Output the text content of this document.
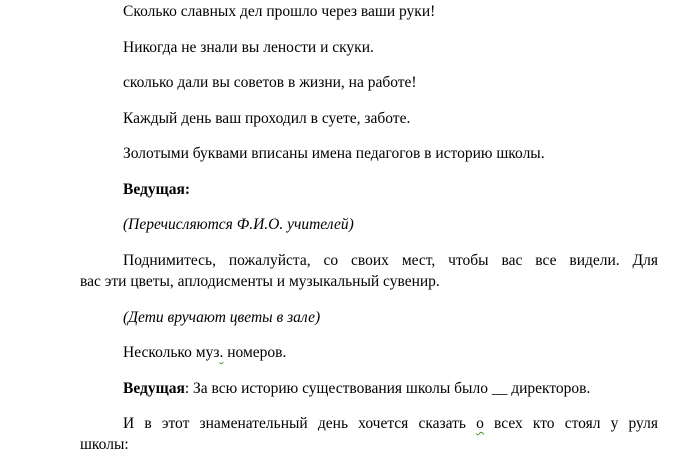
Сколько славных дел прошло через ваши руки!
Никогда не знали вы лености и скуки.
сколько дали вы советов в жизни, на работе!
Каждый день ваш проходил в суете, заботе.
Золотыми буквами вписаны имена педагогов в историю школы.
Ведущая:
(Перечисляются Ф.И.О. учителей)
Поднимитесь, пожалуйста, со своих мест, чтобы вас все видели. Для
вас эти цветы, аплодисменты и музыкальный сувенир.
(Дети вручают цветы в зале)
Несколько муз. номеров.
Ведущая: За всю историю существования школы было __ директоров.
И в этот знаменательный день хочется сказать о всех кто стоял у руля
школы:
